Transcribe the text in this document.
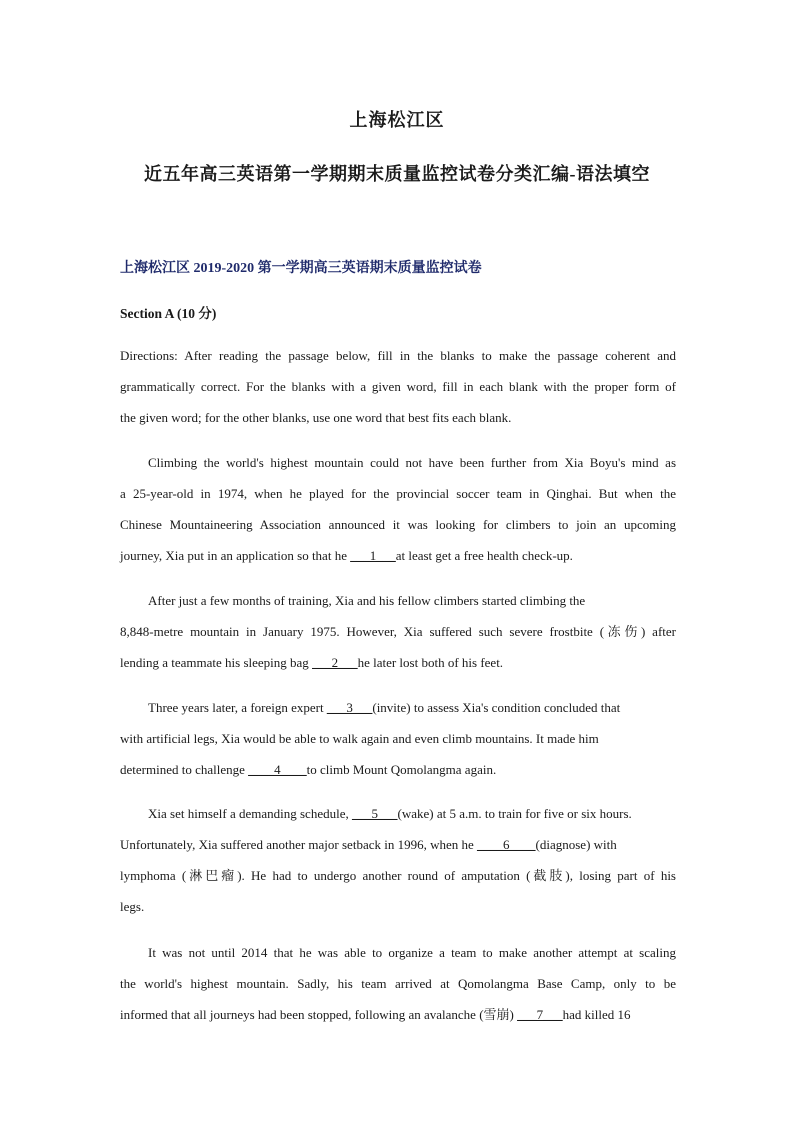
上海松江区
近五年高三英语第一学期期末质量监控试卷分类汇编-语法填空
上海松江区 2019-2020 第一学期高三英语期末质量监控试卷
Section A (10 分)
Directions: After reading the passage below, fill in the blanks to make the passage coherent and
grammatically correct. For the blanks with a given word, fill in each blank with the proper form of
the given word; for the other blanks, use one word that best fits each blank.
Climbing the world's highest mountain could not have been further from Xia Boyu's mind as
a 25-year-old in 1974, when he played for the provincial soccer team in Qinghai. But when the
Chinese Mountaineering Association announced it was looking for climbers to join an upcoming
journey, Xia put in an application so that he ___1___at least get a free health check-up.
After just a few months of training, Xia and his fellow climbers started climbing the
8,848-metre mountain in January 1975. However, Xia suffered such severe frostbite (冻伤) after
lending a teammate his sleeping bag ___2___he later lost both of his feet.
Three years later, a foreign expert ___3___(invite) to assess Xia's condition concluded that
with artificial legs, Xia would be able to walk again and even climb mountains. It made him
determined to challenge ____4____to climb Mount Qomolangma again.
Xia set himself a demanding schedule, ___5___(wake) at 5 a.m. to train for five or six hours.
Unfortunately, Xia suffered another major setback in 1996, when he ____6____(diagnose) with
lymphoma (淋巴瘤). He had to undergo another round of amputation (截肢), losing part of his
legs.
It was not until 2014 that he was able to organize a team to make another attempt at scaling
the world's highest mountain. Sadly, his team arrived at Qomolangma Base Camp, only to be
informed that all journeys had been stopped, following an avalanche (雪崩) ___7___had killed 16
